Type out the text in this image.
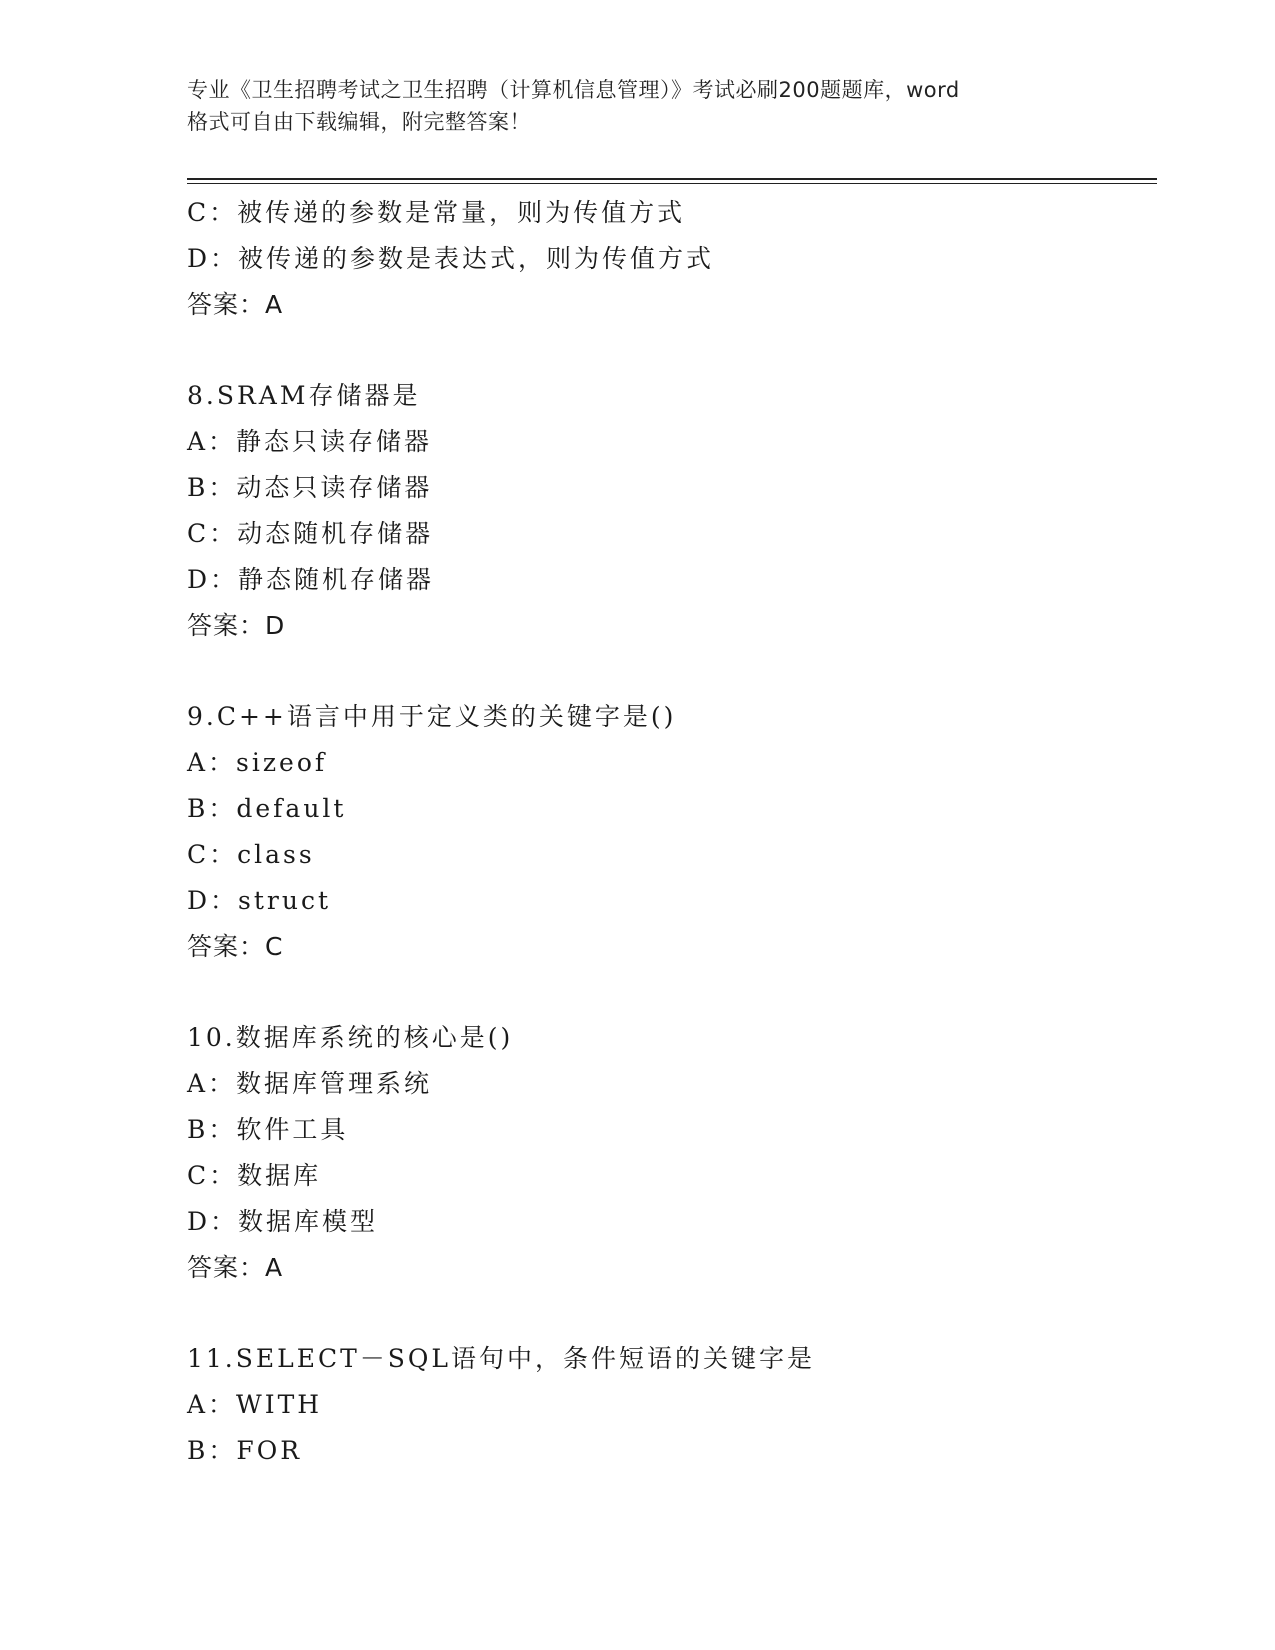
专业《卫生招聘考试之卫生招聘（计算机信息管理）》考试必刷200题题库，word
格式可自由下载编辑，附完整答案！
C：被传递的参数是常量，则为传值方式
D：被传递的参数是表达式，则为传值方式
答案：A
8.SRAM存储器是
A：静态只读存储器
B：动态只读存储器
C：动态随机存储器
D：静态随机存储器
答案：D
9.C++语言中用于定义类的关键字是()
A：sizeof
B：default
C：class
D：struct
答案：C
10.数据库系统的核心是()
A：数据库管理系统
B：软件工具
C：数据库
D：数据库模型
答案：A
11.SELECT－SQL语句中，条件短语的关键字是
A：WITH
B：FOR
